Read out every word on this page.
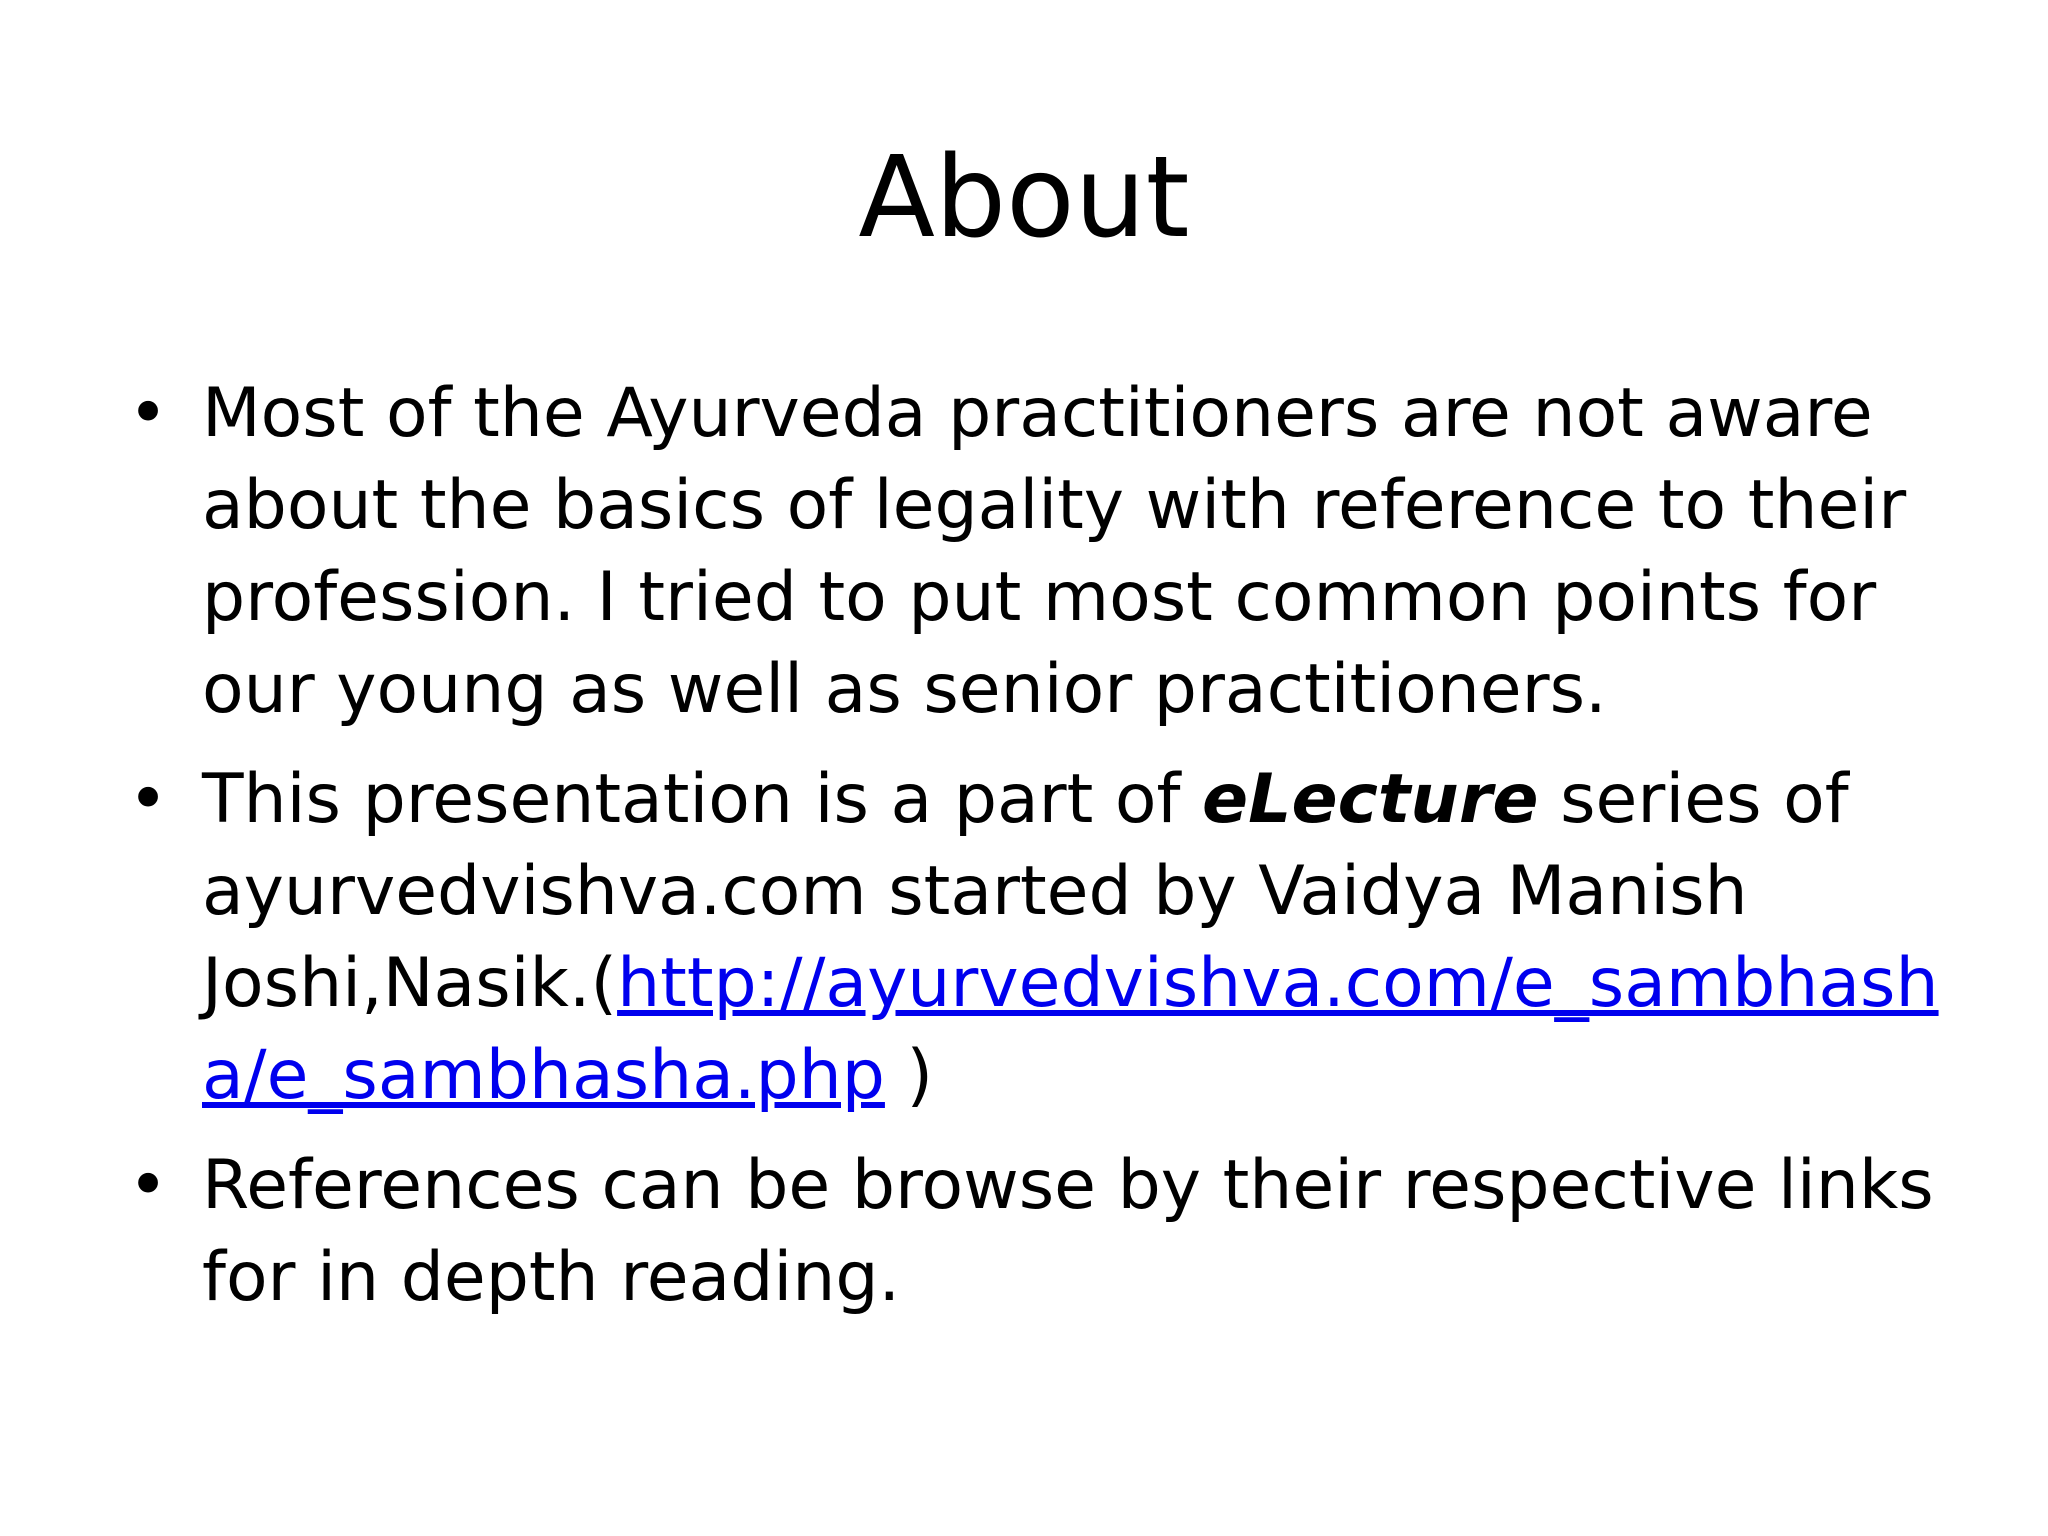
About
• Most of the Ayurveda practitioners are not aware about the basics of legality with reference to their profession. I tried to put most common points for our young as well as senior practitioners.
• This presentation is a part of eLecture series of ayurvedvishva.com started by Vaidya Manish Joshi,Nasik.(http://ayurvedvishva.com/e_sambhasha/e_sambhasha.php )
• References can be browse by their respective links for in depth reading.
